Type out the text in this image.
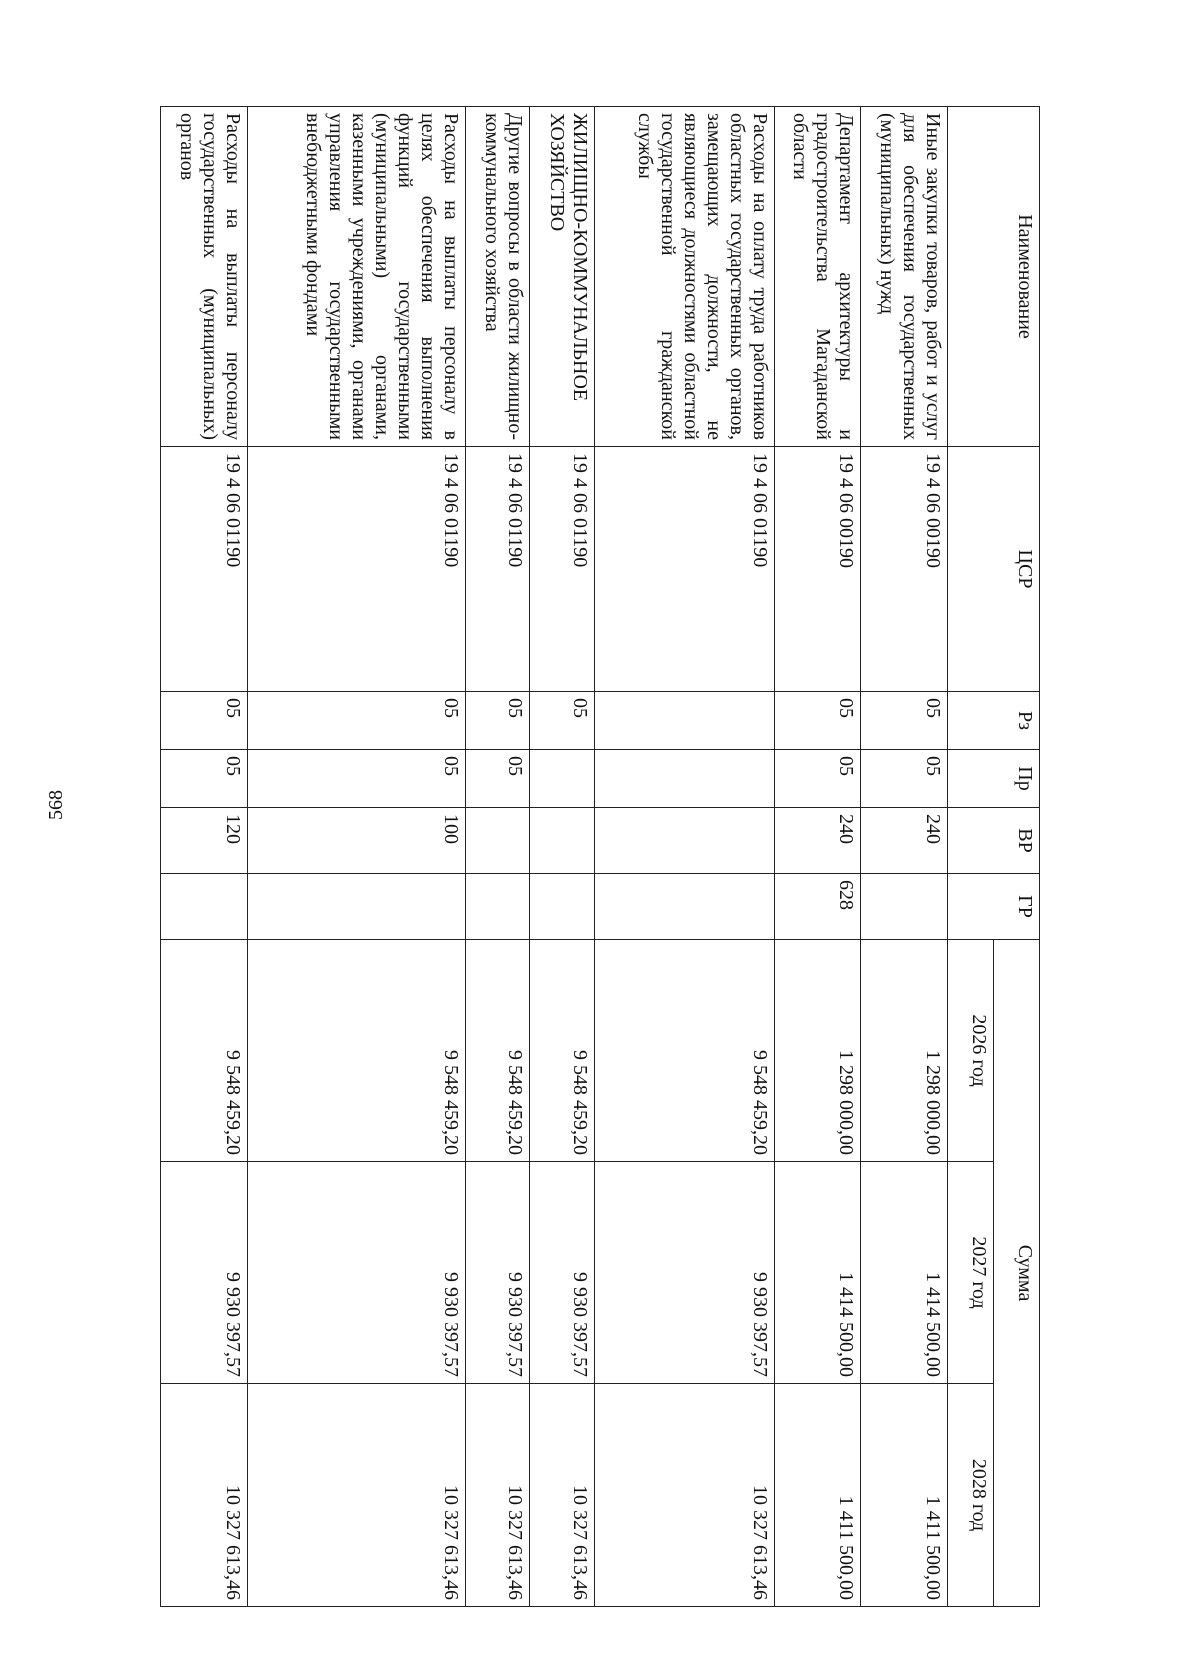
568
Наименование	ЦСР	Рз	Пр	ВР	ГР	Сумма		
						2026 год	2027 год	2028 год
Иные закупки товаров, работ и услуг для обеспечения государственных (муниципальных) нужд	19 4 06 00190	05	05	240		1 298 000,00	1 414 500,00	1 411 500,00
Департамент архитектуры и градостроительства Магаданской области	19 4 06 00190	05	05	240	628	1 298 000,00	1 414 500,00	1 411 500,00
Расходы на оплату труда работников областных государственных органов, замещающих должности, не являющиеся должностями областной государственной гражданской службы	19 4 06 01190					9 548 459,20	9 930 397,57	10 327 613,46
ЖИЛИЩНО-КОММУНАЛЬНОЕ ХОЗЯЙСТВО	19 4 06 01190	05				9 548 459,20	9 930 397,57	10 327 613,46
Другие вопросы в области жилищно-коммунального хозяйства	19 4 06 01190	05	05			9 548 459,20	9 930 397,57	10 327 613,46
Расходы на выплаты персоналу в целях обеспечения выполнения функций государственными (муниципальными) органами, казенными учреждениями, органами управления государственными внебюджетными фондами	19 4 06 01190	05	05	100		9 548 459,20	9 930 397,57	10 327 613,46
Расходы на выплаты персоналу государственных (муниципальных) органов	19 4 06 01190	05	05	120		9 548 459,20	9 930 397,57	10 327 613,46
